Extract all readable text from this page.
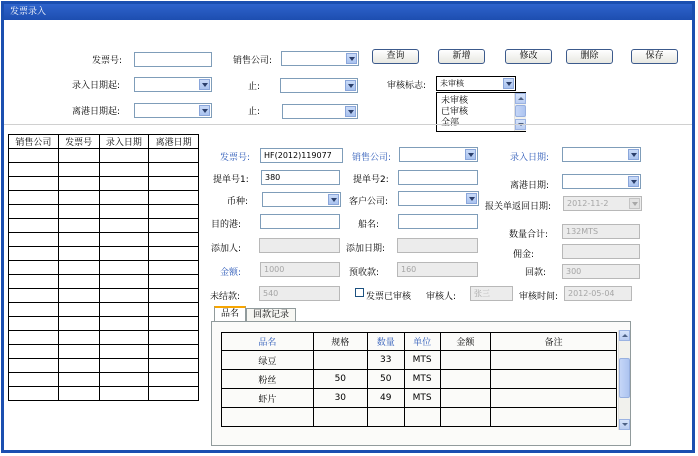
发票录入
发票号:	销售公司:	查询	新增	修改	删除	保存
录入日期起:	止:	审核标志:	未审核
未审核
已审核
全部
离港日期起:	止:
销售公司	发票号	录入日期	离港日期

发票号:	HF(2012)119077	销售公司:	录入日期:
提单号1:	380	提单号2:
离港日期:
币种:	客户公司:	报关单返回日期:	2012-11-2
目的港:	船名:
数量合计:	132MTS
添加人:	添加日期:
佣金:
金额:	1000	预收款:	160	回款:	300
未结款:	540	发票已审核 审核人:	张三	审核时间:	2012-05-04
品名	回款记录
品名	规格	数量	单位	金额	备注
绿豆		33	MTS		
粉丝	50	50	MTS		
虾片	30	49	MTS		
